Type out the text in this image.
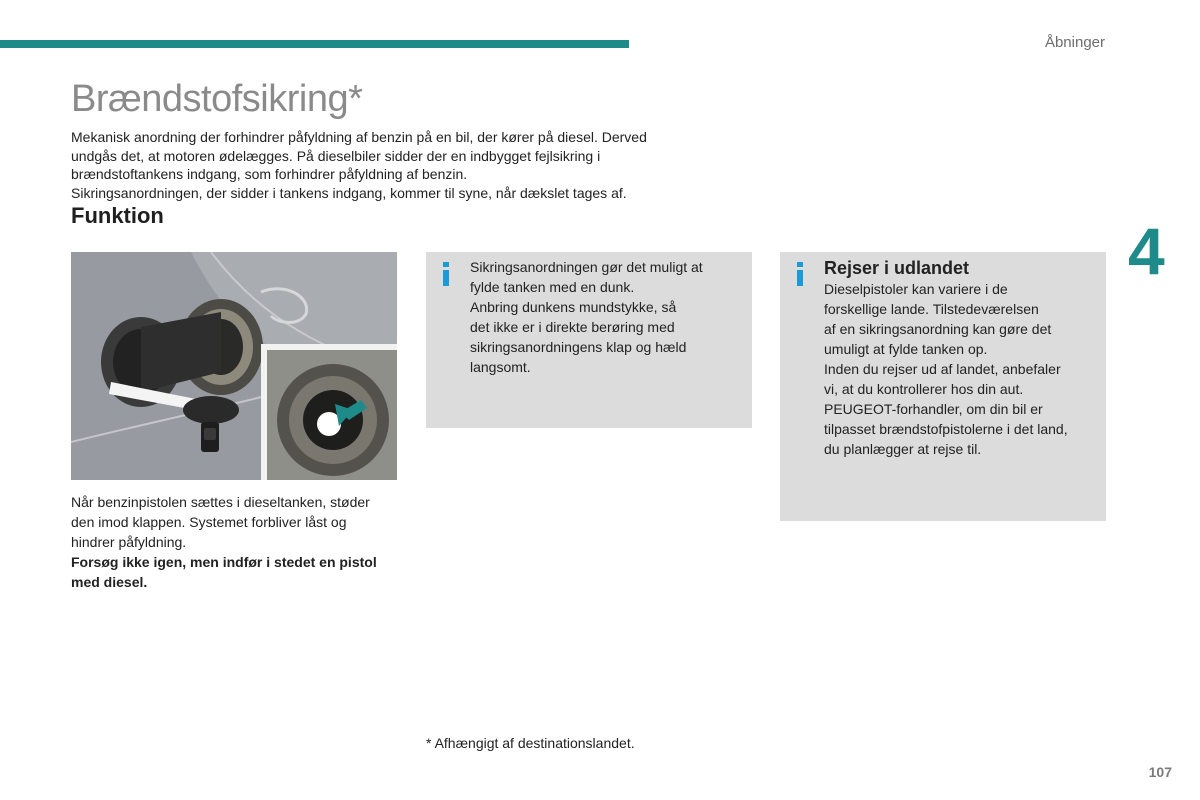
Åbninger
4
Brændstofsikring*

Mekanisk anordning der forhindrer påfyldning af benzin på en bil, der kører på diesel. Derved

undgås det, at motoren ødelægges. På dieselbiler sidder der en indbygget fejlsikring i

brændstoftankens indgang, som forhindrer påfyldning af benzin.

Sikringsanordningen, der sidder i tankens indgang, kommer til syne, når dækslet tages af.

Funktion

Når benzinpistolen sættes i dieseltanken, støder den imod klappen. Systemet forbliver låst og hindrer påfyldning.

Forsøg ikke igen, men indfør i stedet en pistol med diesel.

Sikringsanordningen gør det muligt at

fylde tanken med en dunk.

Anbring dunkens mundstykke, så

det ikke er i direkte berøring med

sikringsanordningens klap og hæld

langsomt.

Rejser i udlandet

Dieselpistoler kan variere i de

forskellige lande. Tilstedeværelsen

af en sikringsanordning kan gøre det

umuligt at fylde tanken op.

Inden du rejser ud af landet, anbefaler

vi, at du kontrollerer hos din aut.

PEUGEOT-forhandler, om din bil er

tilpasset brændstofpistolerne i det land,

du planlægger at rejse til.

* Afhængigt af destinationslandet.
107
